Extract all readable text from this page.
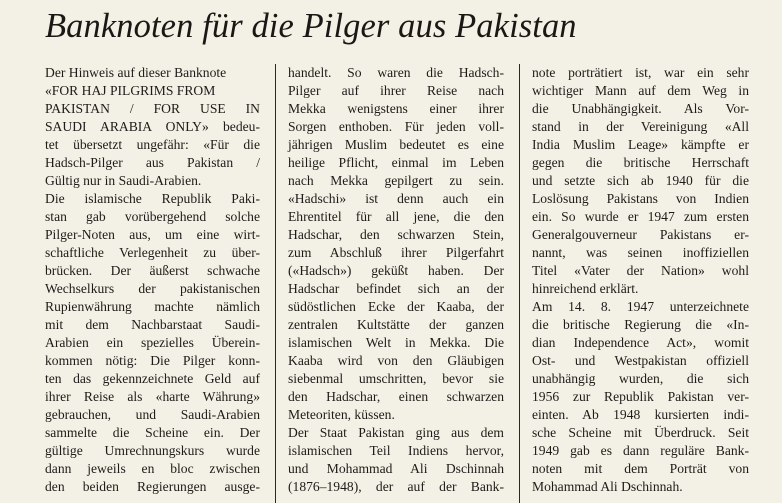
Banknoten für die Pilger aus Pakistan
Der Hinweis auf dieser Banknote
«FOR HAJ PILGRIMS FROM
PAKISTAN / FOR USE IN
SAUDI ARABIA ONLY» bedeu-
tet übersetzt ungefähr: «Für die
Hadsch-Pilger aus Pakistan /
Gültig nur in Saudi-Arabien.
Die islamische Republik Paki-
stan gab vorübergehend solche
Pilger-Noten aus, um eine wirt-
schaftliche Verlegenheit zu über-
brücken. Der äußerst schwache
Wechselkurs der pakistanischen
Rupienwährung machte nämlich
mit dem Nachbarstaat Saudi-
Arabien ein spezielles Überein-
kommen nötig: Die Pilger konn-
ten das gekennzeichnete Geld auf
ihrer Reise als «harte Währung»
gebrauchen, und Saudi-Arabien
sammelte die Scheine ein. Der
gültige Umrechnungskurs wurde
dann jeweils en bloc zwischen
den beiden Regierungen ausge-
handelt. So waren die Hadsch-
Pilger auf ihrer Reise nach
Mekka wenigstens einer ihrer
Sorgen enthoben. Für jeden voll-
jährigen Muslim bedeutet es eine
heilige Pflicht, einmal im Leben
nach Mekka gepilgert zu sein.
«Hadschi» ist denn auch ein
Ehrentitel für all jene, die den
Hadschar, den schwarzen Stein,
zum Abschluß ihrer Pilgerfahrt
(«Hadsch») geküßt haben. Der
Hadschar befindet sich an der
südöstlichen Ecke der Kaaba, der
zentralen Kultstätte der ganzen
islamischen Welt in Mekka. Die
Kaaba wird von den Gläubigen
siebenmal umschritten, bevor sie
den Hadschar, einen schwarzen
Meteoriten, küssen.
Der Staat Pakistan ging aus dem
islamischen Teil Indiens hervor,
und Mohammad Ali Dschinnah
(1876–1948), der auf der Bank-
note porträtiert ist, war ein sehr
wichtiger Mann auf dem Weg in
die Unabhängigkeit. Als Vor-
stand in der Vereinigung «All
India Muslim Leage» kämpfte er
gegen die britische Herrschaft
und setzte sich ab 1940 für die
Loslösung Pakistans von Indien
ein. So wurde er 1947 zum ersten
Generalgouverneur Pakistans er-
nannt, was seinen inoffiziellen
Titel «Vater der Nation» wohl
hinreichend erklärt.
Am 14. 8. 1947 unterzeichnete
die britische Regierung die «In-
dian Independence Act», womit
Ost- und Westpakistan offiziell
unabhängig wurden, die sich
1956 zur Republik Pakistan ver-
einten. Ab 1948 kursierten indi-
sche Scheine mit Überdruck. Seit
1949 gab es dann reguläre Bank-
noten mit dem Porträt von
Mohammad Ali Dschinnah.
